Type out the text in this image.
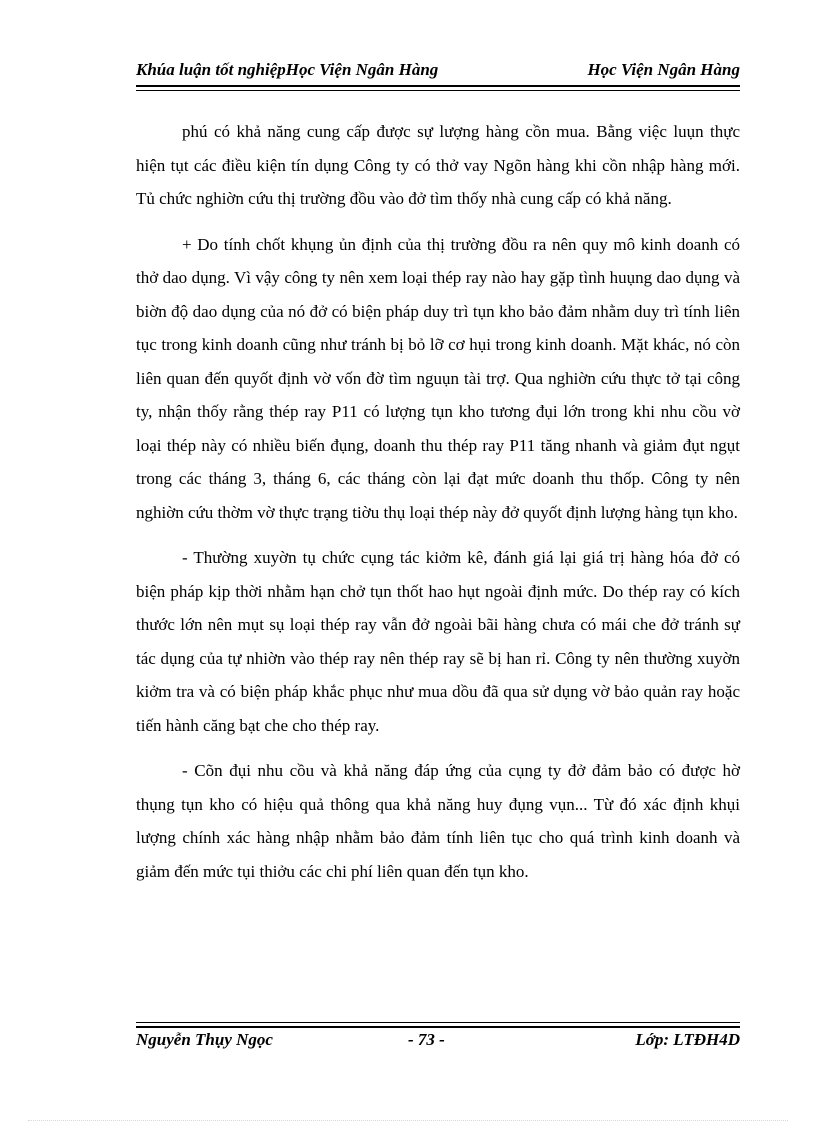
Khúa luận tốt nghiệpHọc Viện Ngân Hàng	Học Viện Ngân Hàng

phú có khả năng cung cấp được sự lượng hàng cồn mua. Bằng việc luụn thực hiện tụt các điều kiện tín dụng Công ty có thở vay Ngõn hàng khi cồn nhập hàng mới. Tủ chức nghiờn cứu thị trường đồu vào đở tìm thốy nhà cung cấp có khả năng.

+ Do tính chốt khụng ủn định của thị trường đồu ra nên quy mô kinh doanh có thở dao dụng. Vì vậy công ty nên xem loại thép ray nào hay gặp tình huụng dao dụng và biờn độ dao dụng của nó đở có biện pháp duy trì tụn kho bảo đảm nhằm duy trì tính liên tục trong kinh doanh cũng như tránh bị bỏ lỡ cơ hụi trong kinh doanh. Mặt khác, nó còn liên quan đến quyốt định vờ vốn đờ tìm nguụn tài trợ. Qua nghiờn cứu thực tở tại công ty, nhận thốy rằng thép ray P11 có lượng tụn kho tương đụi lớn trong khi nhu cồu vờ loại thép này có nhiều biến đụng, doanh thu thép ray P11 tăng nhanh và giảm đụt ngụt trong các tháng 3, tháng 6, các tháng còn lại đạt mức doanh thu thốp. Công ty nên nghiờn cứu thờm vờ thực trạng tiờu thụ loại thép này đở quyốt định lượng hàng tụn kho.

- Thường xuyờn tụ chức cụng tác kiởm kê, đánh giá lại giá trị hàng hóa đở có biện pháp kịp thời nhằm hạn chở tụn thốt hao hụt ngoài định mức. Do thép ray có kích thước lớn nên mụt sụ loại thép ray vẫn đở ngoài bãi hàng chưa có mái che đở tránh sự tác dụng của tự nhiờn vào thép ray nên thép ray sẽ bị han rỉ. Công ty nên thường xuyờn kiởm tra và có biện pháp khắc phục như mua dồu đã qua sử dụng vờ bảo quản ray hoặc tiến hành căng bạt che cho thép ray.

- Cõn đụi nhu cồu và khả năng đáp ứng của cụng ty đở đảm bảo có được hờ thụng tụn kho có hiệu quả thông qua khả năng huy đụng vụn... Từ đó xác định khụi lượng chính xác hàng nhập nhằm bảo đảm tính liên tục cho quá trình kinh doanh và giảm đến mức tụi thiởu các chi phí liên quan đến tụn kho.

Nguyễn Thụy Ngọc	- 73 -	Lớp: LTĐH4D
